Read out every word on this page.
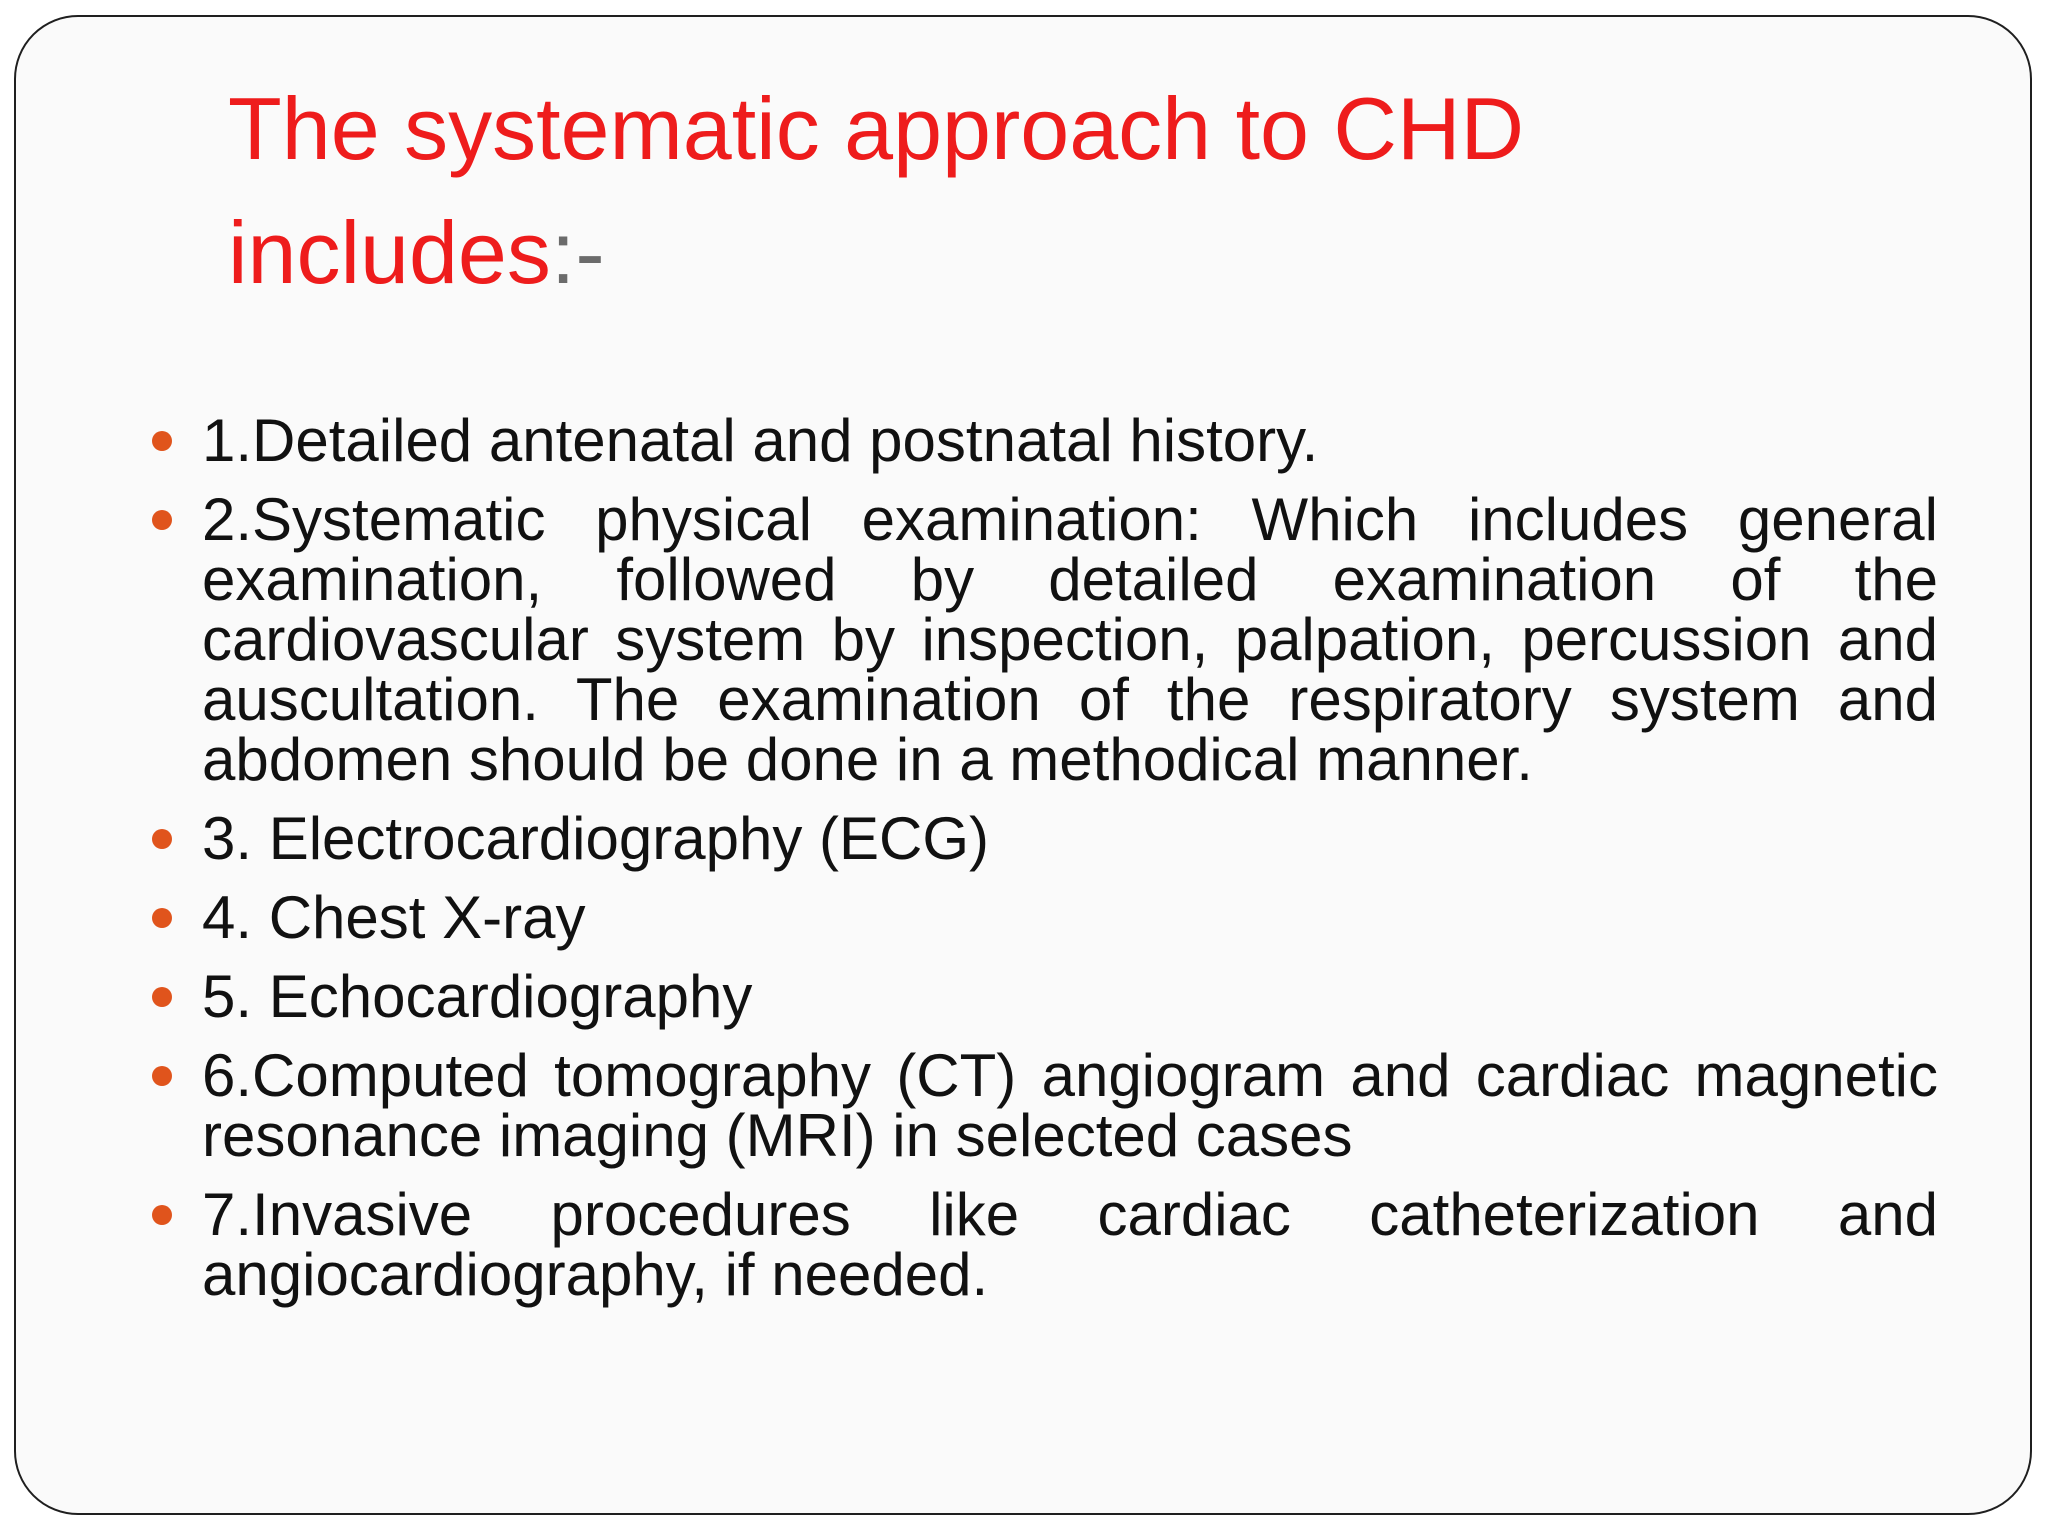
The systematic approach to CHD includes:-
1.Detailed antenatal and postnatal history.
2.Systematic physical examination: Which includes general examination, followed by detailed examination of the cardiovascular system by inspection, palpation, percussion and auscultation. The examination of the respiratory system and abdomen should be done in a methodical manner.
3. Electrocardiography (ECG)
4. Chest X-ray
5. Echocardiography
6.Computed tomography (CT) angiogram and cardiac magnetic resonance imaging (MRI) in selected cases
7.Invasive procedures like cardiac catheterization and angiocardiography, if needed.
